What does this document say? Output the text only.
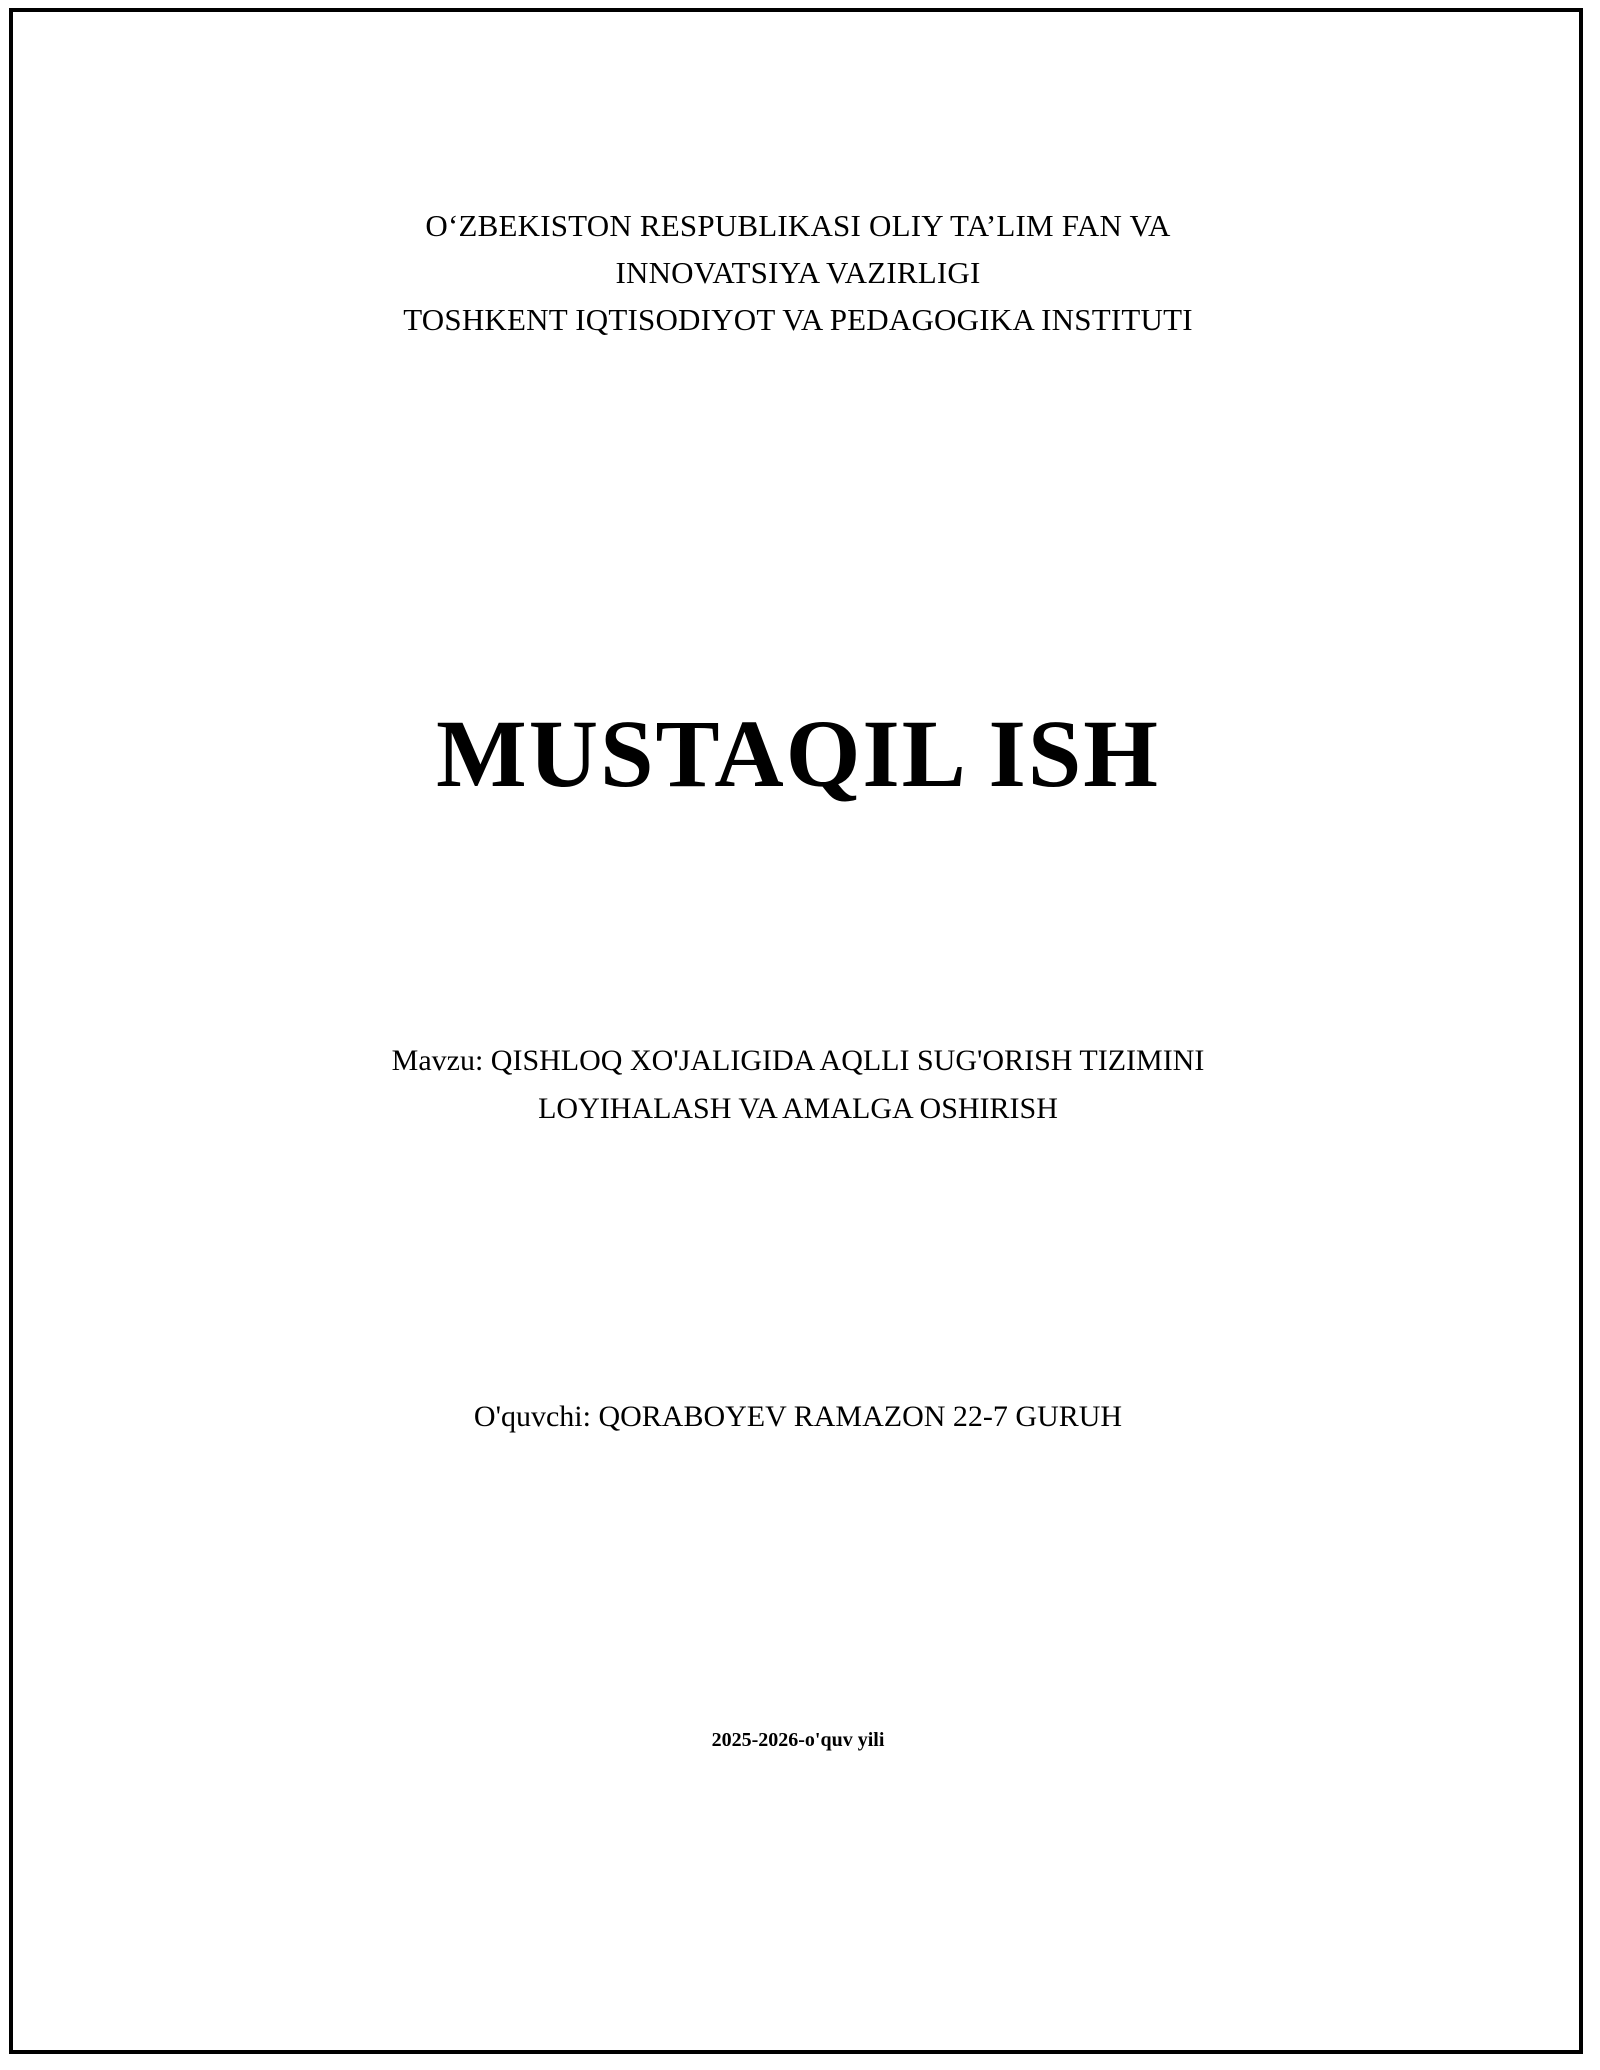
O‘ZBEKISTON RESPUBLIKASI OLIY TA’LIM FAN VA
INNOVATSIYA VAZIRLIGI
TOSHKENT IQTISODIYOT VA PEDAGOGIKA INSTITUTI
MUSTAQIL ISH
Mavzu: QISHLOQ XO'JALIGIDA AQLLI SUG'ORISH TIZIMINI
LOYIHALASH VA AMALGA OSHIRISH
O'quvchi: QORABOYEV RAMAZON 22-7 GURUH
2025-2026-o'quv yili
